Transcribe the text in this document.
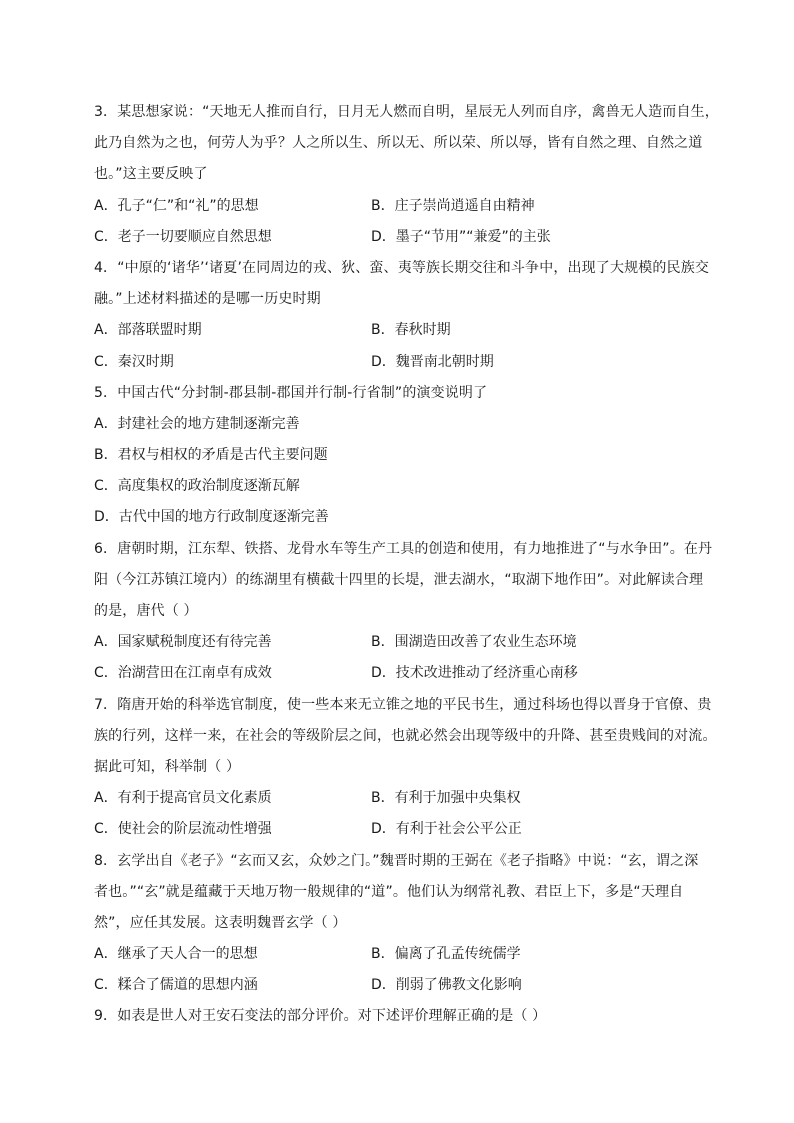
3．某思想家说：“天地无人推而自行，日月无人燃而自明，星辰无人列而自序，禽兽无人造而自生，
此乃自然为之也，何劳人为乎？人之所以生、所以无、所以荣、所以辱，皆有自然之理、自然之道
也。”这主要反映了
A．孔子“仁”和“礼”的思想	B．庄子崇尚逍遥自由精神
C．老子一切要顺应自然思想	D．墨子“节用”“兼爱”的主张
4．“中原的‘诸华’‘诸夏’在同周边的戎、狄、蛮、夷等族长期交往和斗争中，出现了大规模的民族交
融。”上述材料描述的是哪一历史时期
A．部落联盟时期	B．春秋时期
C．秦汉时期	D．魏晋南北朝时期
5．中国古代“分封制-郡县制-郡国并行制-行省制”的演变说明了
A．封建社会的地方建制逐渐完善
B．君权与相权的矛盾是古代主要问题
C．高度集权的政治制度逐渐瓦解
D．古代中国的地方行政制度逐渐完善
6．唐朝时期，江东犁、铁搭、龙骨水车等生产工具的创造和使用，有力地推进了“与水争田”。在丹
阳（今江苏镇江境内）的练湖里有横截十四里的长堤，泄去湖水，“取湖下地作田”。对此解读合理
的是，唐代（ ）
A．国家赋税制度还有待完善	B．围湖造田改善了农业生态环境
C．治湖营田在江南卓有成效	D．技术改进推动了经济重心南移
7．隋唐开始的科举选官制度，使一些本来无立锥之地的平民书生，通过科场也得以晋身于官僚、贵
族的行列，这样一来，在社会的等级阶层之间，也就必然会出现等级中的升降、甚至贵贱间的对流。
据此可知，科举制（ ）
A．有利于提高官员文化素质	B．有利于加强中央集权
C．使社会的阶层流动性增强	D．有利于社会公平公正
8．玄学出自《老子》“玄而又玄，众妙之门。”魏晋时期的王弼在《老子指略》中说：“玄，谓之深
者也。”“玄”就是蕴藏于天地万物一般规律的“道”。他们认为纲常礼教、君臣上下，多是“天理自
然”，应任其发展。这表明魏晋玄学（ ）
A．继承了天人合一的思想	B．偏离了孔孟传统儒学
C．糅合了儒道的思想内涵	D．削弱了佛教文化影响
9．如表是世人对王安石变法的部分评价。对下述评价理解正确的是（ ）
